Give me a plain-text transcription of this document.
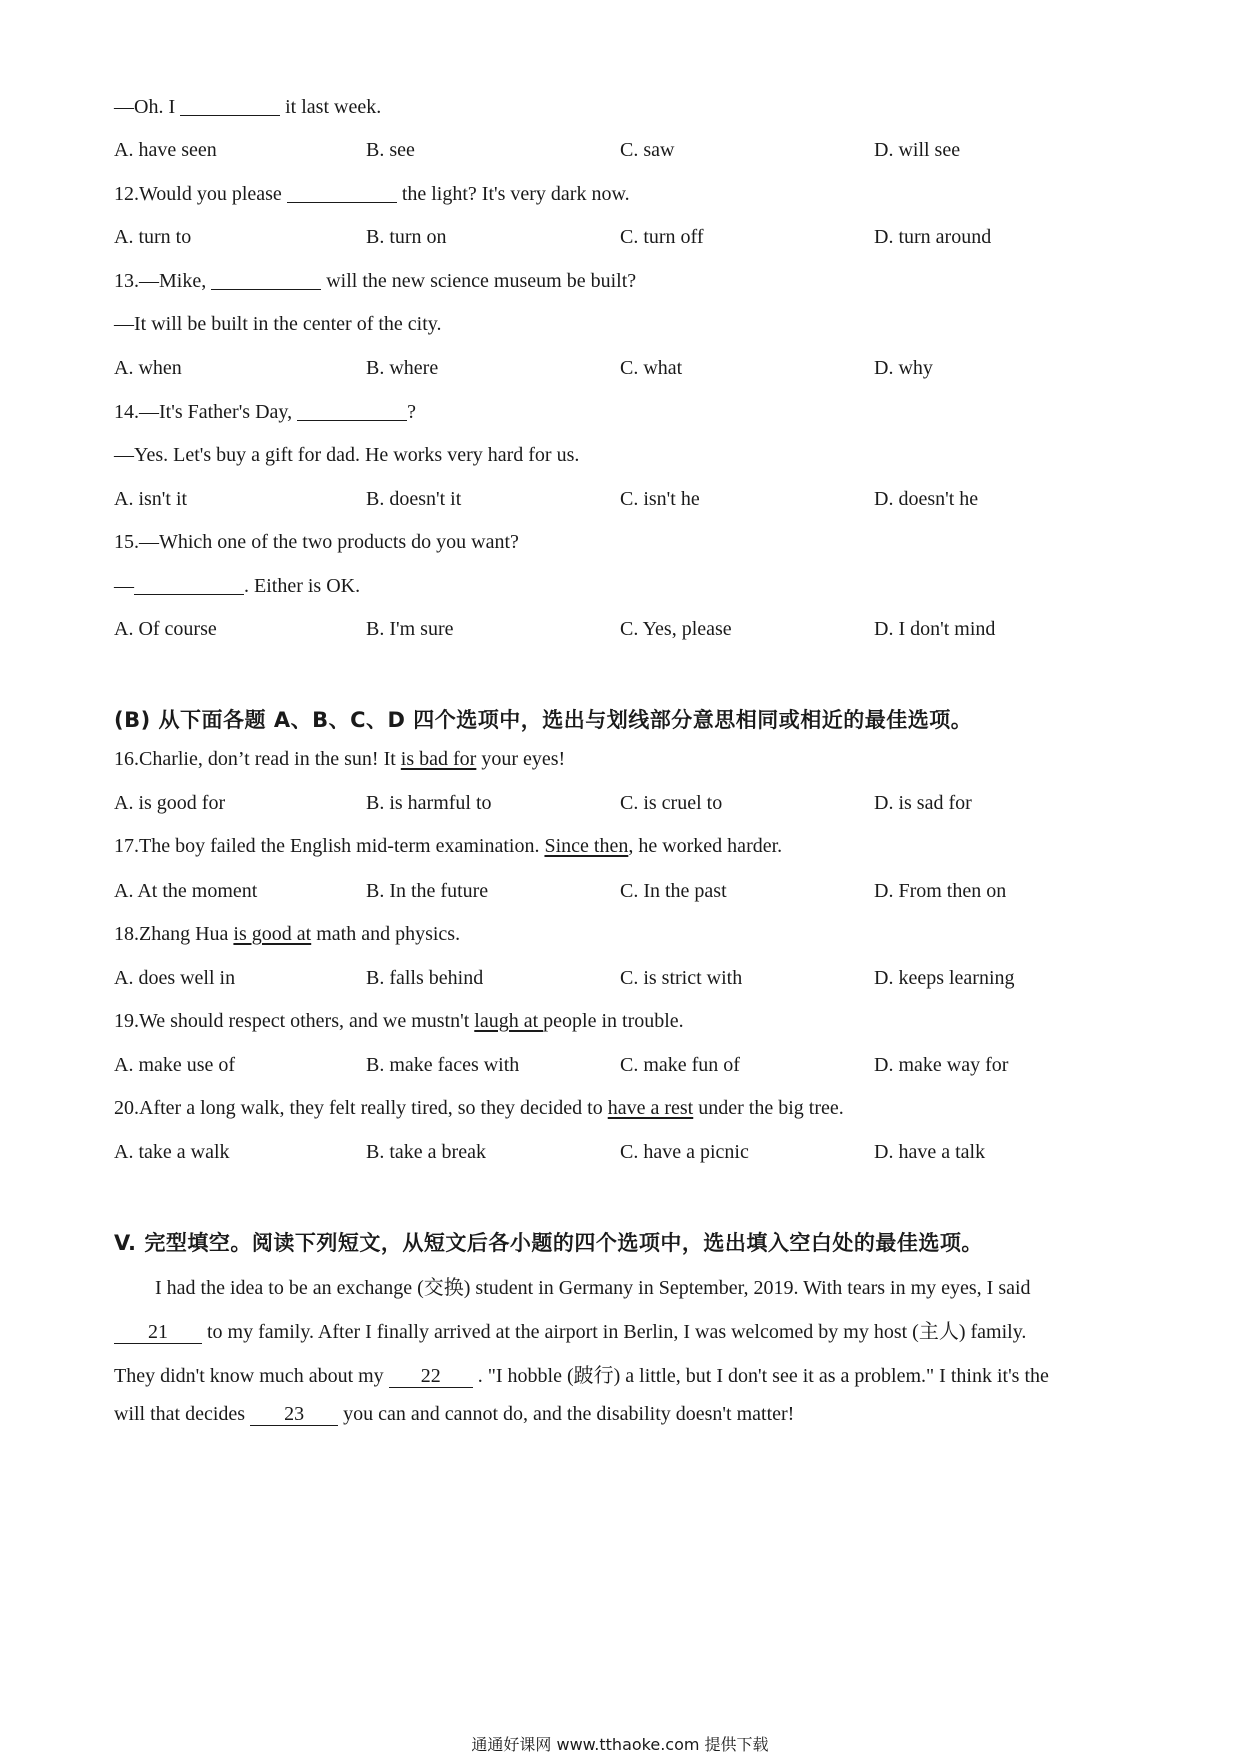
—Oh. I	it last week.
A. have seen	B. see	C. saw	D. will see
12.Would you please	the light? It's very dark now.
A. turn to	B. turn on	C. turn off	D. turn around
13.—Mike,	will the new science museum be built?
—It will be built in the center of the city.
A. when	B. where	C. what	D. why
14.—It's Father's Day,	?
—Yes. Let's buy a gift for dad. He works very hard for us.
A. isn't it	B. doesn't it	C. isn't he	D. doesn't he
15.—Which one of the two products do you want?
—	. Either is OK.
A. Of course	B. I'm sure	C. Yes, please	D. I don't mind
(B) 从下面各题 A、B、C、D 四个选项中，选出与划线部分意思相同或相近的最佳选项。
16.Charlie, don’t read in the sun! It is bad for your eyes!
A. is good for	B. is harmful to	C. is cruel to	D. is sad for
17.The boy failed the English mid-term examination. Since then, he worked harder.
A. At the moment	B. In the future	C. In the past	D. From then on
18.Zhang Hua is good at math and physics.
A. does well in	B. falls behind	C. is strict with	D. keeps learning
19.We should respect others, and we mustn't laugh at people in trouble.
A. make use of	B. make faces with	C. make fun of	D. make way for
20.After a long walk, they felt really tired, so they decided to have a rest under the big tree.
A. take a walk	B. take a break	C. have a picnic	D. have a talk
V. 完型填空。阅读下列短文，从短文后各小题的四个选项中，选出填入空白处的最佳选项。
I had the idea to be an exchange (交换) student in Germany in September, 2019. With tears in my eyes, I said
21 to my family. After I finally arrived at the airport in Berlin, I was welcomed by my host (主人) family.
They didn't know much about my 22 . "I hobble (跛行) a little, but I don't see it as a problem." I think it's the
will that decides 23 you can and cannot do, and the disability doesn't matter!
通通好课网 www.tthaoke.com 提供下载
